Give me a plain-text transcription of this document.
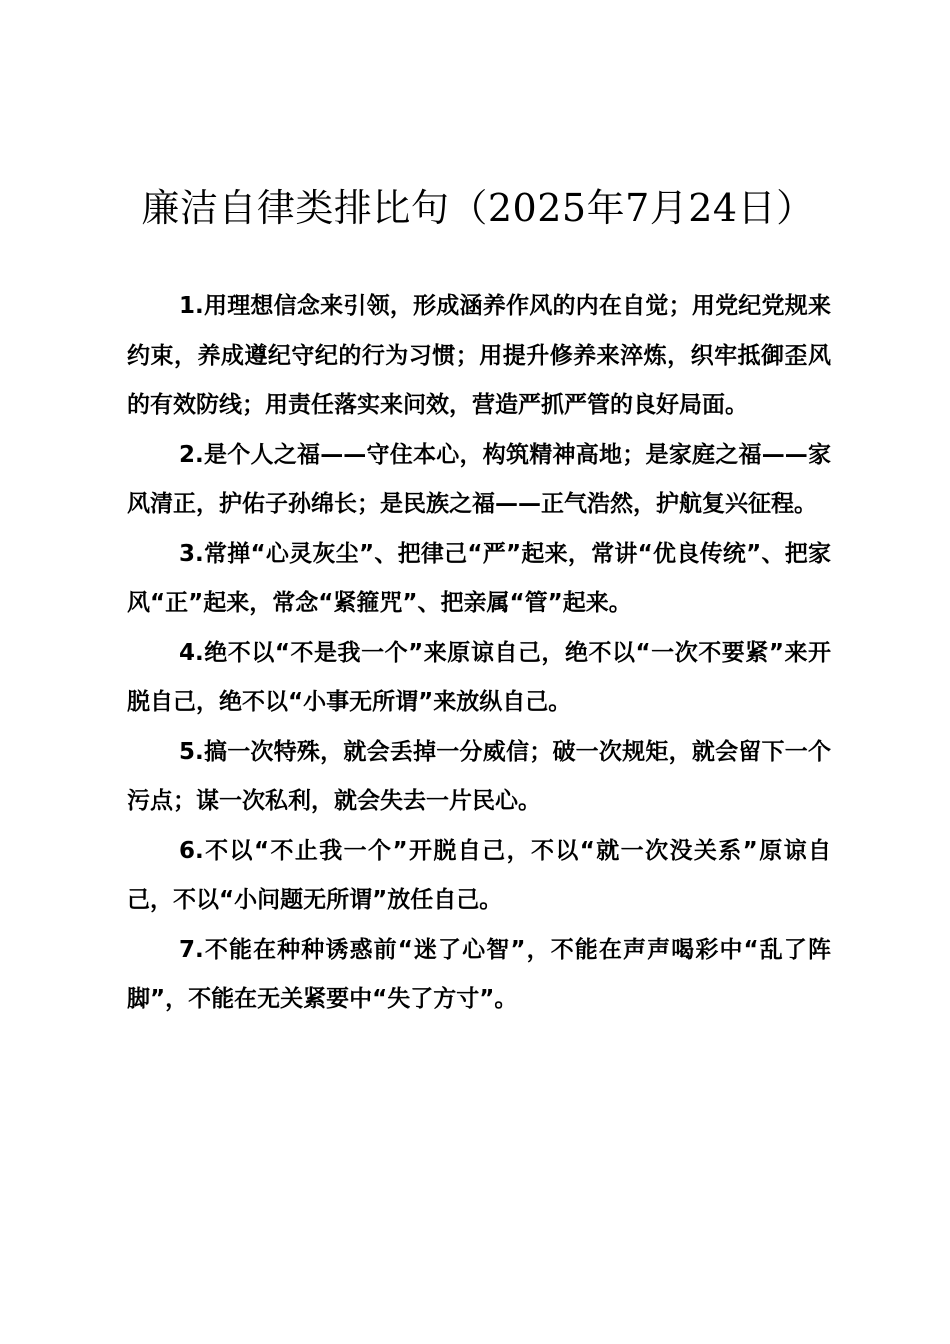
廉洁自律类排比句（2025年7月24日）

1.用理想信念来引领，形成涵养作风的内在自觉；用党纪党规来约束，养成遵纪守纪的行为习惯；用提升修养来淬炼，织牢抵御歪风的有效防线；用责任落实来问效，营造严抓严管的良好局面。

2.是个人之福——守住本心，构筑精神高地；是家庭之福——家风清正，护佑子孙绵长；是民族之福——正气浩然，护航复兴征程。

3.常掸“心灵灰尘”、把律己“严”起来，常讲“优良传统”、把家风“正”起来，常念“紧箍咒”、把亲属“管”起来。

4.绝不以“不是我一个”来原谅自己，绝不以“一次不要紧”来开脱自己，绝不以“小事无所谓”来放纵自己。

5.搞一次特殊，就会丢掉一分威信；破一次规矩，就会留下一个污点；谋一次私利，就会失去一片民心。

6.不以“不止我一个”开脱自己，不以“就一次没关系”原谅自己，不以“小问题无所谓”放任自己。

7.不能在种种诱惑前“迷了心智”，不能在声声喝彩中“乱了阵脚”，不能在无关紧要中“失了方寸”。
